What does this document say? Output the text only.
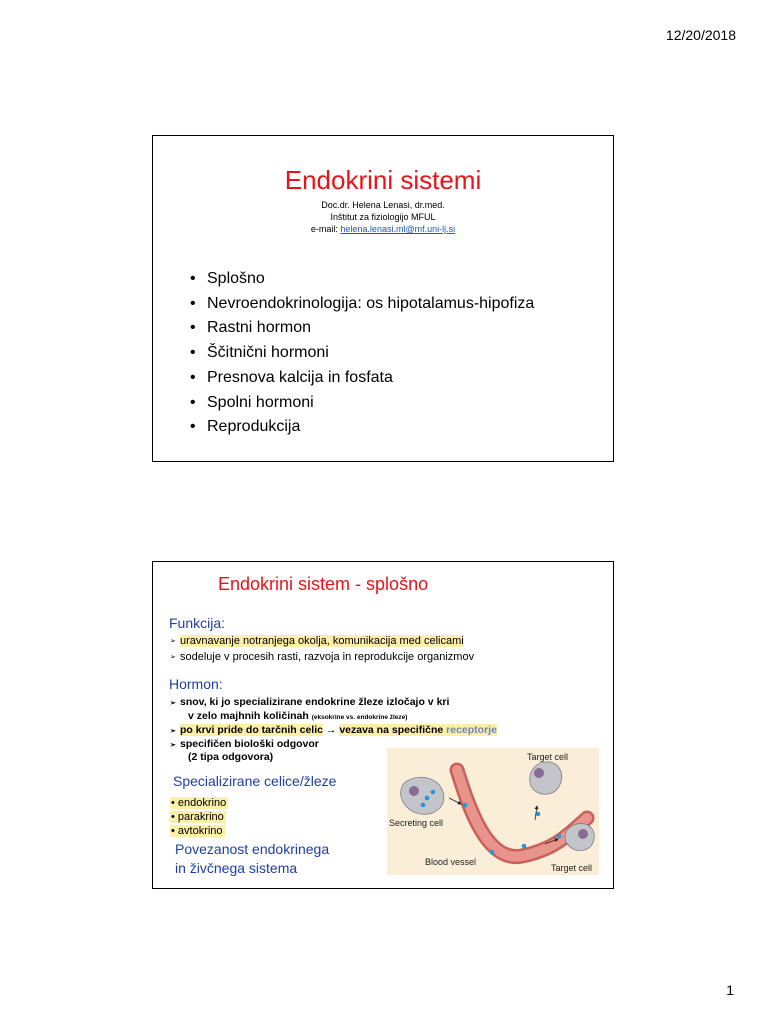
12/20/2018
Endokrini sistemi
Doc.dr. Helena Lenasi, dr.med.
Inštitut za fiziologijo MFUL
e-mail: helena.lenasi.ml@mf.uni-lj.si
• Splošno
• Nevroendokrinologija: os hipotalamus-hipofiza
• Rastni hormon
• Ščitnični hormoni
• Presnova kalcija in fosfata
• Spolni hormoni
• Reprodukcija
Endokrini sistem - splošno
Funkcija:
➢ uravnavanje notranjega okolja, komunikacija med celicami
➢ sodeluje v procesih rasti, razvoja in reprodukcije organizmov
Hormon:
➢ snov, ki jo specializirane endokrine žleze izločajo v kri
v zelo majhnih količinah (eksokrine vs. endokrine žleze)
➢ po krvi pride do tarčnih celic → vezava na specifične receptorje
➢ specifičen biološki odgovor
(2 tipa odgovora)
Specializirane celice/žleze
• endokrino
• parakrino
• avtokrino
Povezanost endokrinega
in živčnega sistema
Target cell
Secreting cell
Blood vessel
Target cell
1
